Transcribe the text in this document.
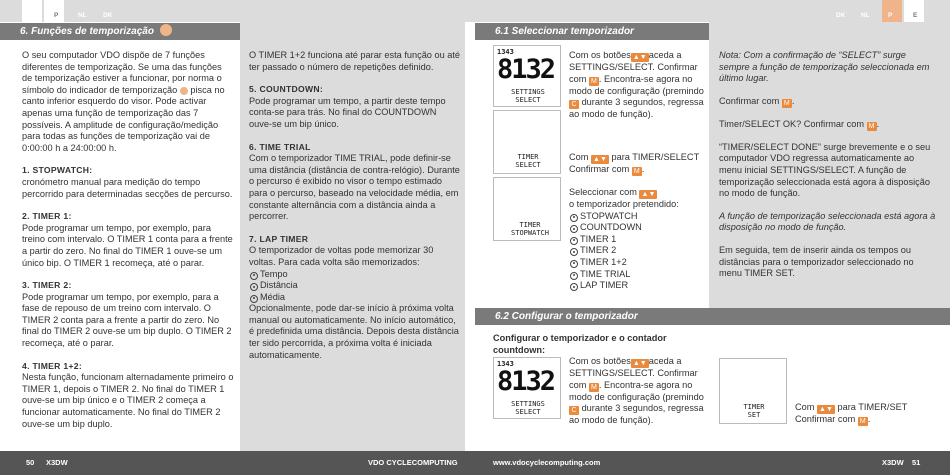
E	P	NL	DK	DK NL	P	E
6. Funções de temporização

O seu computador VDO dispõe de 7 funções diferentes de temporização. Se uma das funções de temporização estiver a funcionar, por norma o símbolo do indicador de temporização pisca no canto inferior esquerdo do visor. Pode activar apenas uma função de temporização das 7 possíveis. A amplitude de configuração/medição para todas as funções de temporização vai de 0:00:00 h a 24:00:00 h.

1. STOPWATCH:
cronómetro manual para medição do tempo percorrido para determinadas secções de percurso.

2. TIMER 1:
Pode programar um tempo, por exemplo, para treino com intervalo. O TIMER 1 conta para a frente a partir do zero. No final do TIMER 1 ouve-se um único bip. O TIMER 1 recomeça, até o parar.

3. TIMER 2:
Pode programar um tempo, por exemplo, para a fase de repouso de um treino com intervalo. O TIMER 2 conta para a frente a partir do zero. No final do TIMER 2 ouve-se um bip duplo. O TIMER 2 recomeça, até o parar.

4. TIMER 1+2:
Nesta função, funcionam alternadamente primeiro o TIMER 1, depois o TIMER 2. No final do TIMER 1 ouve-se um bip único e o TIMER 2 começa a funcionar automaticamente. No final do TIMER 2 ouve-se um bip duplo.

O TIMER 1+2 funciona até parar esta função ou até ter passado o número de repetições definido.

5. COUNTDOWN:
Pode programar um tempo, a partir deste tempo conta-se para trás. No final do COUNTDOWN ouve-se um bip único.

6. TIME TRIAL
Com o temporizador TIME TRIAL, pode definir-se uma distância (distância de contra-relógio). Durante o percurso é exibido no visor o tempo estimado para o percurso, baseado na velocidade média, em constante alternância com a distância ainda a percorrer.

7. LAP TIMER
O temporizador de voltas pode memorizar 30 voltas. Para cada volta são memorizados:
Tempo
Distância
Média

Opcionalmente, pode dar-se início à próxima volta manual ou automaticamente. No início automático, é predefinida uma distância. Depois desta distância ter sido percorrida, a próxima volta é iniciada automaticamente.

6.1 Seleccionar temporizador
6.2 Configurar o temporizador
1343
8132
SETTINGS SELECT
TIMER SELECT
TIMER STOPWATCH

Com os botões ▲▼ aceda a SETTINGS/SELECT. Confirmar com M . Encontra-se agora no modo de configuração (premindo C durante 3 segundos, regressa ao modo de função).

Com ▲▼ para TIMER/SELECT Confirmar com M .
Seleccionar com ▲▼
o temporizador pretendido:
STOPWATCH
COUNTDOWN
TIMER 1
TIMER 2
TIMER 1+2
TIME TRIAL
LAP TIMER

Nota: Com a confirmação de “SELECT” surge sempre a função de temporização seleccionada em último lugar.

Confirmar com M .

Timer/SELECT OK? Confirmar com M .

“TIMER/SELECT DONE” surge brevemente e o seu computador VDO regressa automaticamente ao menu inicial SETTINGS/SELECT. A função de temporização seleccionada está agora à disposição no modo de função.

A função de temporização seleccionada está agora à disposição no modo de função.

Em seguida, tem de inserir ainda os tempos ou distâncias para o temporizador seleccionado no menu TIMER SET.

Configurar o temporizador e o contador countdown:
1343
8132
SETTINGS SELECT
Com os botões ▲▼ aceda a SETTINGS/SELECT. Confirmar com M . Encontra-se agora no modo de configuração (premindo C durante 3 segundos, regressa ao modo de função).
TIMER SET
Com ▲▼ para TIMER/SET
Confirmar com M .
50 X3DW	VDO CYCLECOMPUTING	www.vdocyclecomputing.com	X3DW 51
